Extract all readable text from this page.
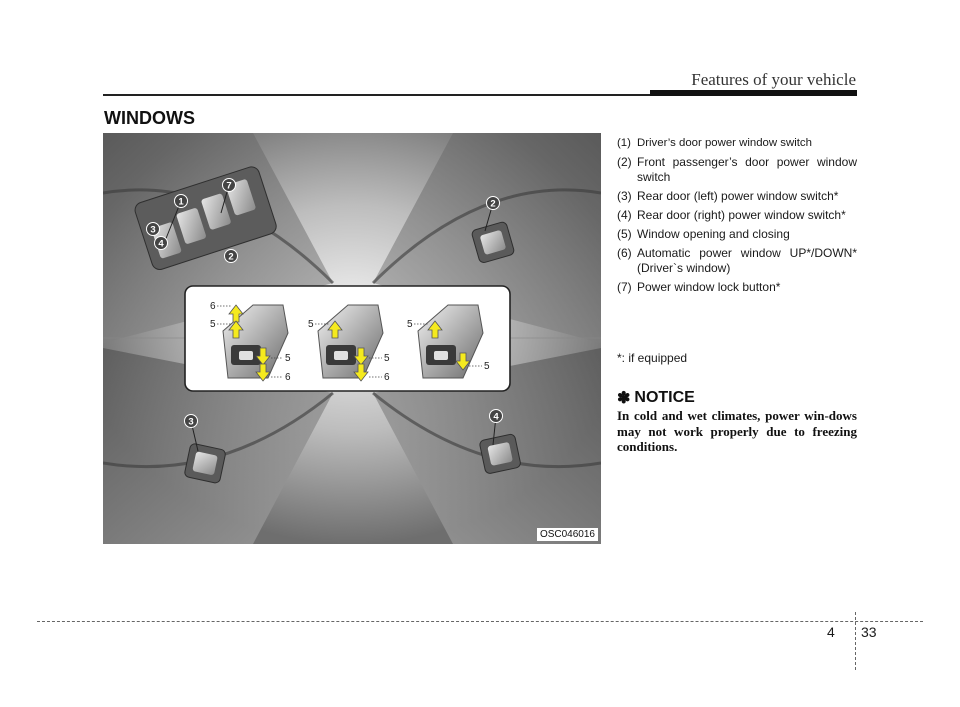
Features of your vehicle
WINDOWS
6
5
5
6
5
5
6
5
5
1	2
3	4
7
2
3
4
OSC046016
(1) Driver’s door power window switch
(2) Front passenger’s door power window switch
(3) Rear door (left) power window switch*
(4) Rear door (right) power window switch*
(5) Window opening and closing
(6) Automatic power window UP*/DOWN* (Driver`s window)
(7) Power window lock button*
*: if equipped
✽ NOTICE
In cold and wet climates, power win-dows may not work properly due to freezing conditions.
4 33
